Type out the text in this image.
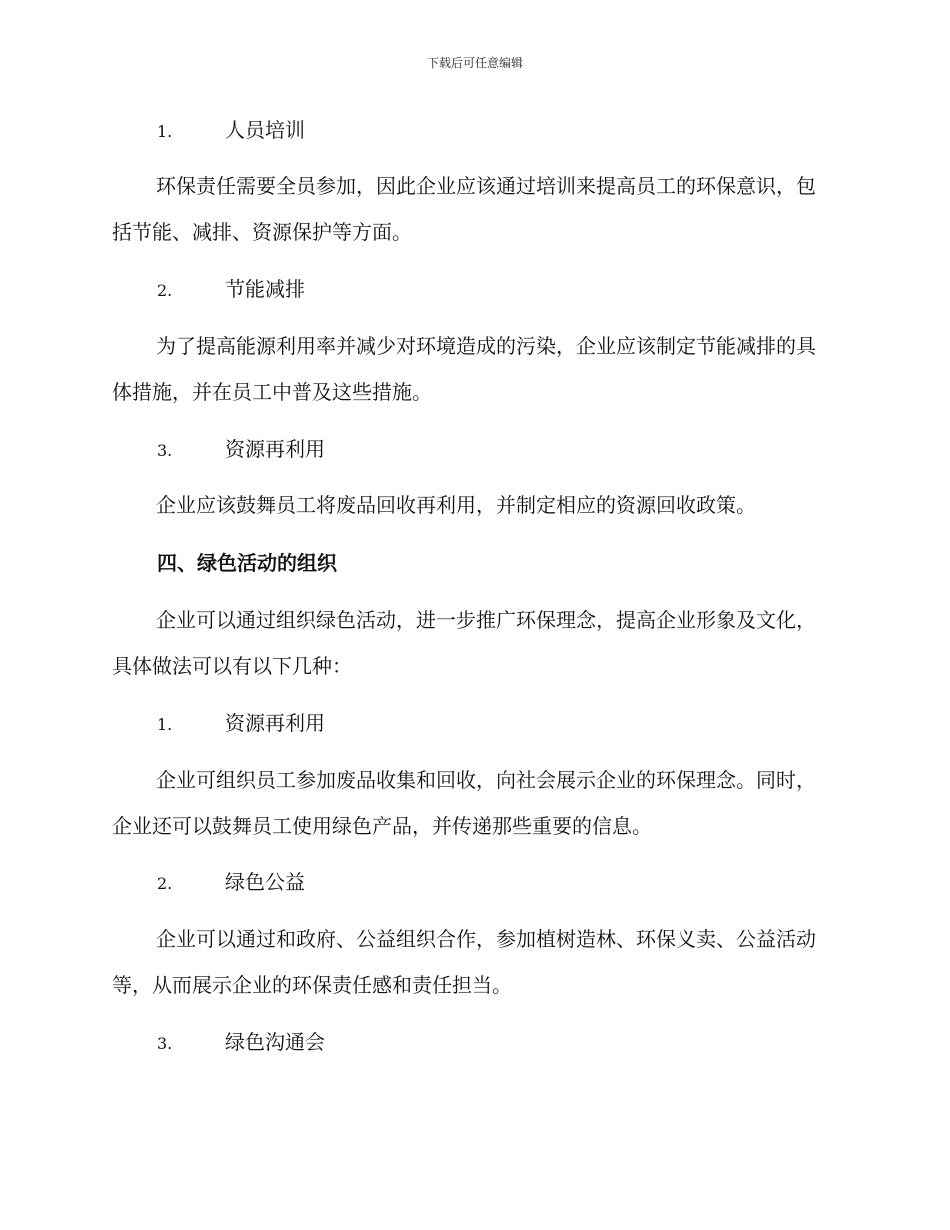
下载后可任意编辑
1.	人员培训

环保责任需要全员参加，因此企业应该通过培训来提高员工的环保意识，包括节能、减排、资源保护等方面。

2.	节能减排

为了提高能源利用率并减少对环境造成的污染，企业应该制定节能减排的具体措施，并在员工中普及这些措施。

3.	资源再利用

企业应该鼓舞员工将废品回收再利用，并制定相应的资源回收政策。

四、绿色活动的组织

企业可以通过组织绿色活动，进一步推广环保理念，提高企业形象及文化，具体做法可以有以下几种：

1.	资源再利用

企业可组织员工参加废品收集和回收，向社会展示企业的环保理念。同时，企业还可以鼓舞员工使用绿色产品，并传递那些重要的信息。

2.	绿色公益

企业可以通过和政府、公益组织合作，参加植树造林、环保义卖、公益活动等，从而展示企业的环保责任感和责任担当。

3.	绿色沟通会
